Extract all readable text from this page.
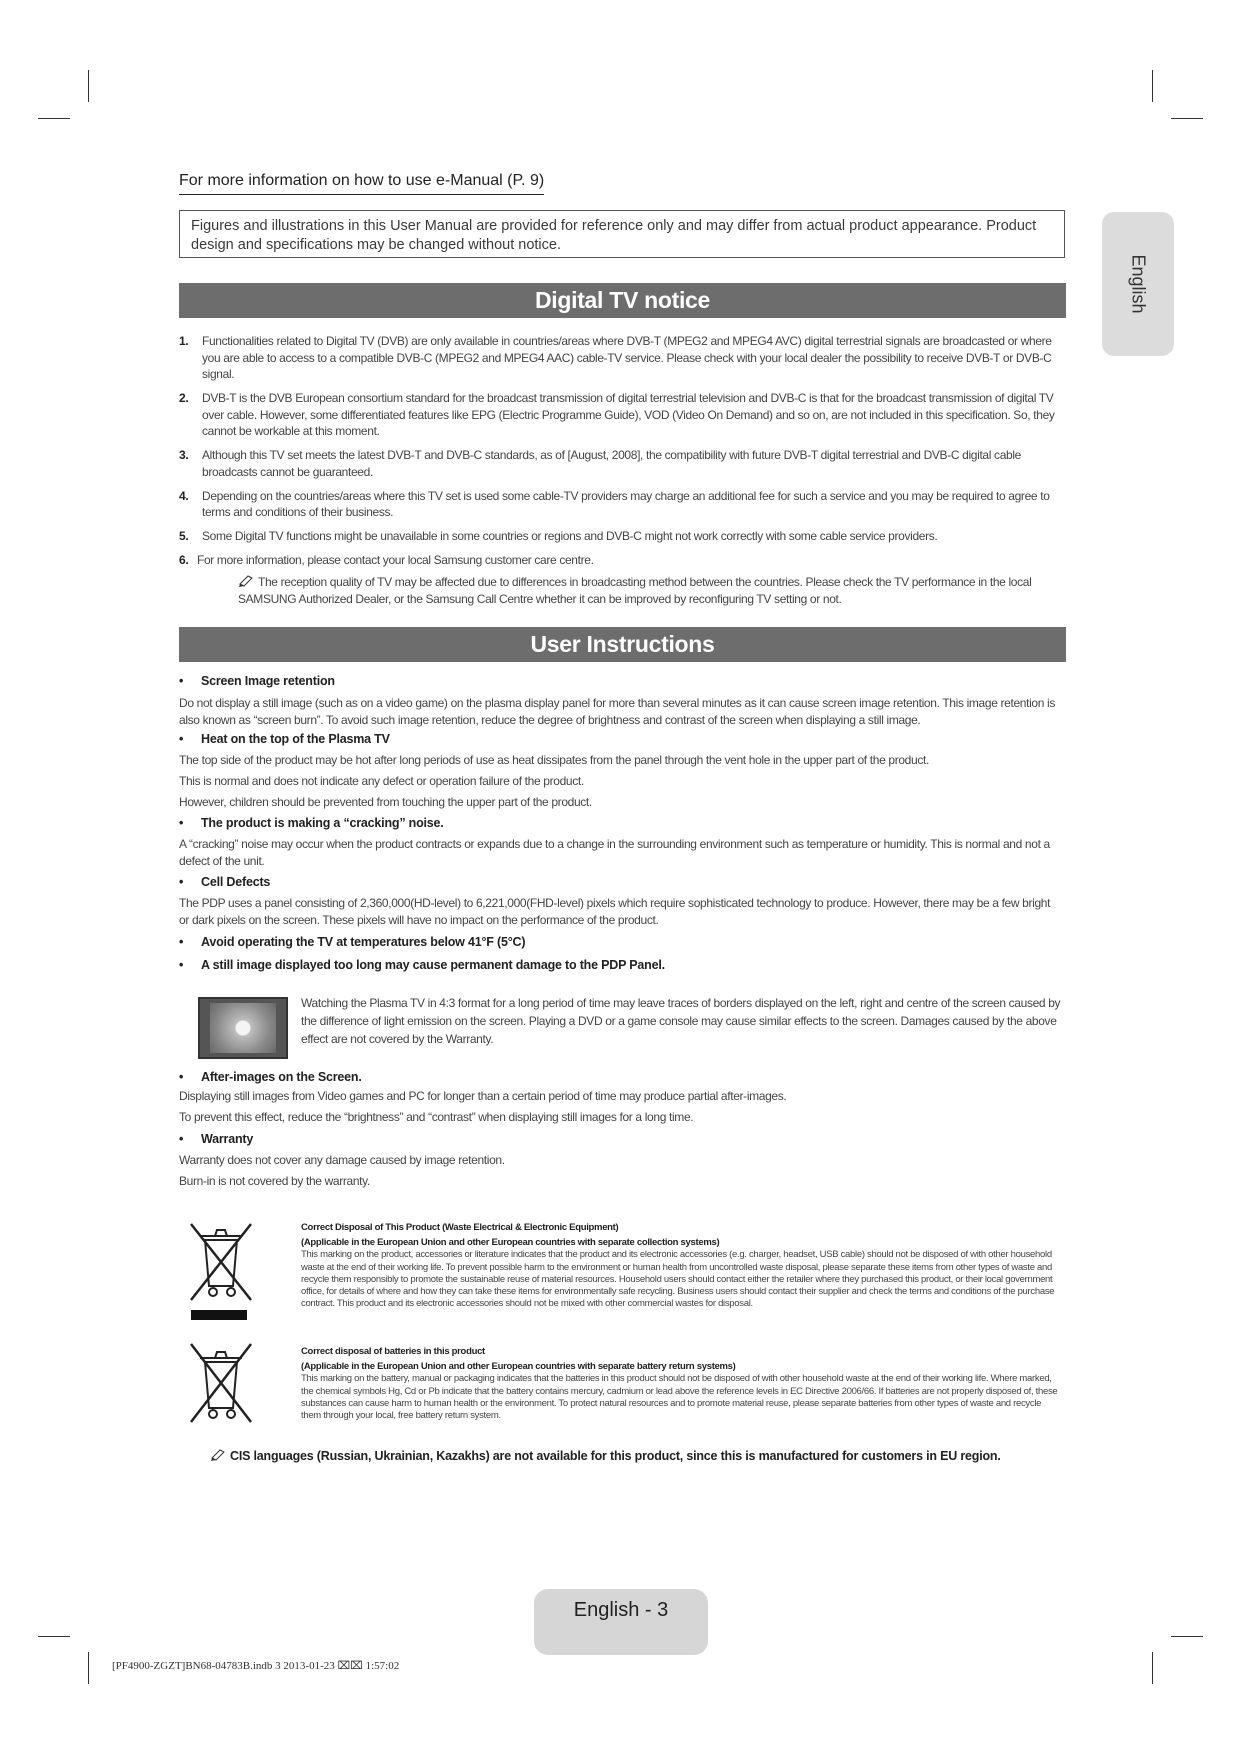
For more information on how to use e-Manual (P. 9)
Figures and illustrations in this User Manual are provided for reference only and may differ from actual product appearance. Product design and specifications may be changed without notice.
English
Digital TV notice
1. Functionalities related to Digital TV (DVB) are only available in countries/areas where DVB-T (MPEG2 and MPEG4 AVC) digital terrestrial signals are broadcasted or where you are able to access to a compatible DVB-C (MPEG2 and MPEG4 AAC) cable-TV service. Please check with your local dealer the possibility to receive DVB-T or DVB-C signal.
2. DVB-T is the DVB European consortium standard for the broadcast transmission of digital terrestrial television and DVB-C is that for the broadcast transmission of digital TV over cable. However, some differentiated features like EPG (Electric Programme Guide), VOD (Video On Demand) and so on, are not included in this specification. So, they cannot be workable at this moment.
3. Although this TV set meets the latest DVB-T and DVB-C standards, as of [August, 2008], the compatibility with future DVB-T digital terrestrial and DVB-C digital cable broadcasts cannot be guaranteed.
4. Depending on the countries/areas where this TV set is used some cable-TV providers may charge an additional fee for such a service and you may be required to agree to terms and conditions of their business.
5. Some Digital TV functions might be unavailable in some countries or regions and DVB-C might not work correctly with some cable service providers.
6. For more information, please contact your local Samsung customer care centre.
The reception quality of TV may be affected due to differences in broadcasting method between the countries. Please check the TV performance in the local SAMSUNG Authorized Dealer, or the Samsung Call Centre whether it can be improved by reconfiguring TV setting or not.
User Instructions
• Screen Image retention

Do not display a still image (such as on a video game) on the plasma display panel for more than several minutes as it can cause screen image retention. This image retention is also known as “screen burn”. To avoid such image retention, reduce the degree of brightness and contrast of the screen when displaying a still image.

• Heat on the top of the Plasma TV

The top side of the product may be hot after long periods of use as heat dissipates from the panel through the vent hole in the upper part of the product.

This is normal and does not indicate any defect or operation failure of the product.

However, children should be prevented from touching the upper part of the product.

• The product is making a “cracking” noise.

A “cracking” noise may occur when the product contracts or expands due to a change in the surrounding environment such as temperature or humidity. This is normal and not a defect of the unit.

• Cell Defects

The PDP uses a panel consisting of 2,360,000(HD-level) to 6,221,000(FHD-level) pixels which require sophisticated technology to produce. However, there may be a few bright or dark pixels on the screen. These pixels will have no impact on the performance of the product.

• Avoid operating the TV at temperatures below 41°F (5°C)
• A still image displayed too long may cause permanent damage to the PDP Panel.
Watching the Plasma TV in 4:3 format for a long period of time may leave traces of borders displayed on the left, right and centre of the screen caused by the difference of light emission on the screen. Playing a DVD or a game console may cause similar effects to the screen. Damages caused by the above effect are not covered by the Warranty.
• After-images on the Screen.

Displaying still images from Video games and PC for longer than a certain period of time may produce partial after-images.

To prevent this effect, reduce the “brightness” and “contrast” when displaying still images for a long time.

• Warranty

Warranty does not cover any damage caused by image retention.

Burn-in is not covered by the warranty.

Correct Disposal of This Product (Waste Electrical & Electronic Equipment)
(Applicable in the European Union and other European countries with separate collection systems)
This marking on the product, accessories or literature indicates that the product and its electronic accessories (e.g. charger, headset, USB cable) should not be disposed of with other household waste at the end of their working life. To prevent possible harm to the environment or human health from uncontrolled waste disposal, please separate these items from other types of waste and recycle them responsibly to promote the sustainable reuse of material resources. Household users should contact either the retailer where they purchased this product, or their local government office, for details of where and how they can take these items for environmentally safe recycling. Business users should contact their supplier and check the terms and conditions of the purchase contract. This product and its electronic accessories should not be mixed with other commercial wastes for disposal.
Correct disposal of batteries in this product
(Applicable in the European Union and other European countries with separate battery return systems)
This marking on the battery, manual or packaging indicates that the batteries in this product should not be disposed of with other household waste at the end of their working life. Where marked, the chemical symbols Hg, Cd or Pb indicate that the battery contains mercury, cadmium or lead above the reference levels in EC Directive 2006/66. If batteries are not properly disposed of, these substances can cause harm to human health or the environment. To protect natural resources and to promote material reuse, please separate batteries from other types of waste and recycle them through your local, free battery return system.
CIS languages (Russian, Ukrainian, Kazakhs) are not available for this product, since this is manufactured for customers in EU region.
English - 3
[PF4900-ZGZT]BN68-04783B.indb 3 2013-01-23 ⌧⌧ 1:57:02
